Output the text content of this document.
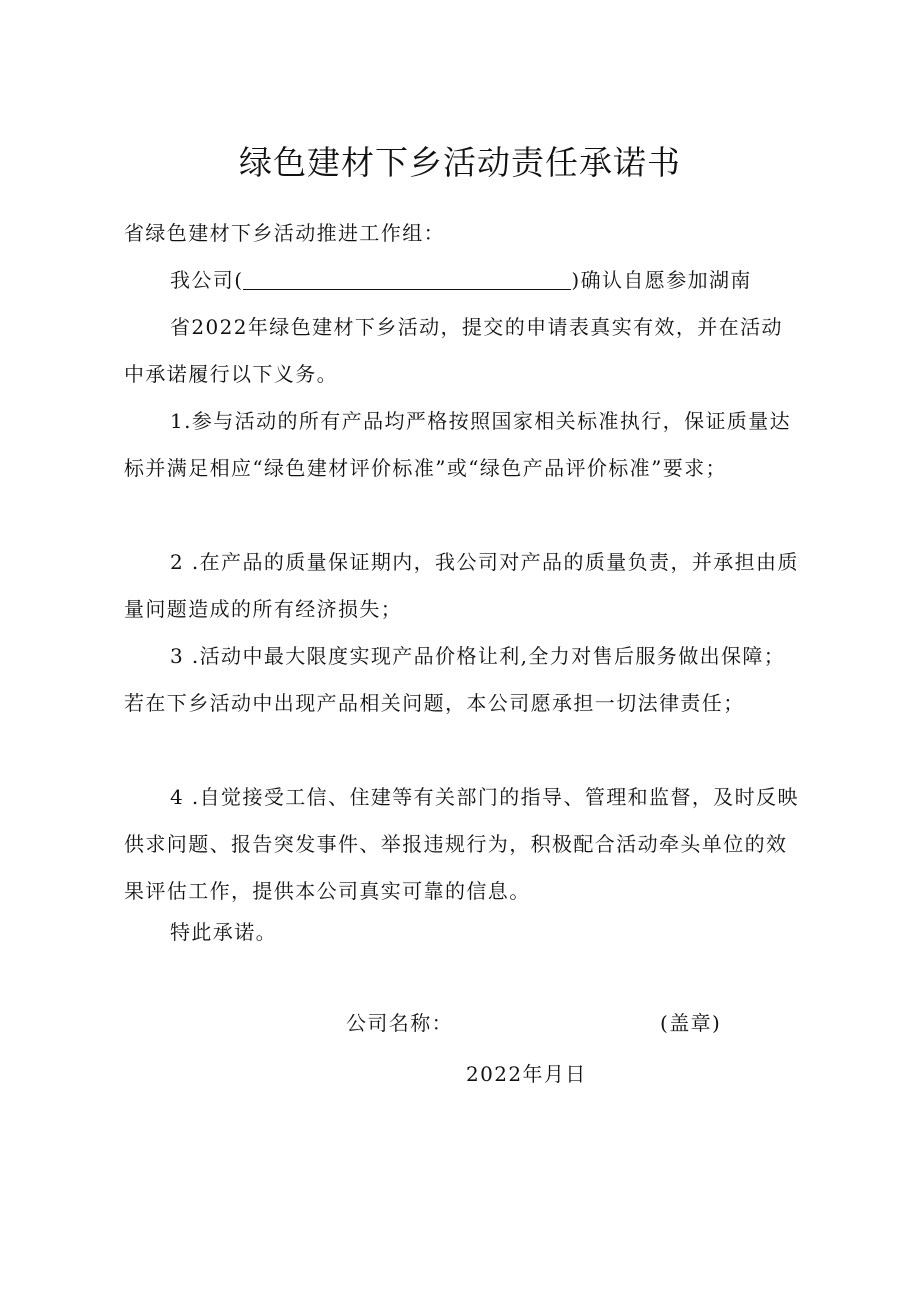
绿色建材下乡活动责任承诺书

省绿色建材下乡活动推进工作组：

我公司(	)确认自愿参加湖南

省2022年绿色建材下乡活动，提交的申请表真实有效，并在活动中承诺履行以下义务。

1.参与活动的所有产品均严格按照国家相关标准执行，保证质量达标并满足相应“绿色建材评价标准”或“绿色产品评价标准”要求；

2 .在产品的质量保证期内，我公司对产品的质量负责，并承担由质量问题造成的所有经济损失；

3 .活动中最大限度实现产品价格让利,全力对售后服务做出保障；若在下乡活动中出现产品相关问题，本公司愿承担一切法律责任；

4 .自觉接受工信、住建等有关部门的指导、管理和监督，及时反映供求问题、报告突发事件、举报违规行为，积极配合活动牵头单位的效果评估工作，提供本公司真实可靠的信息。

特此承诺。

公司名称：	(盖章)
2022年月日
